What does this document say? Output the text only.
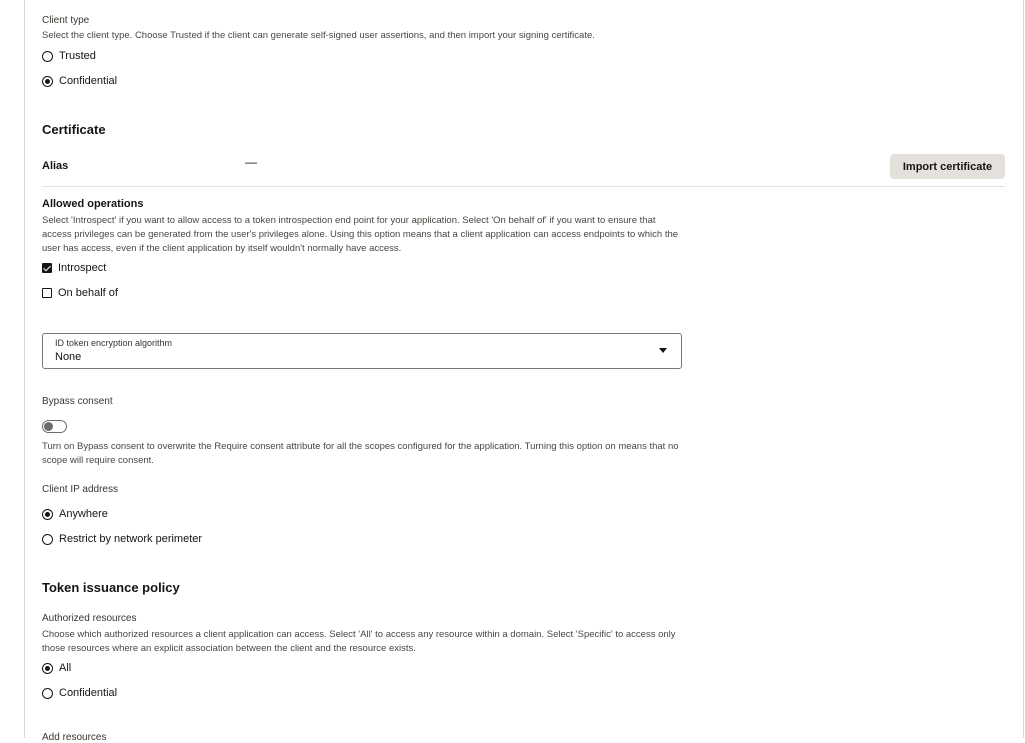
Client type
Select the client type. Choose Trusted if the client can generate self-signed user assertions, and then import your signing certificate.
Trusted
Confidential
Certificate
Alias	—	Import certificate
Allowed operations
Select 'Introspect' if you want to allow access to a token introspection end point for your application. Select 'On behalf of' if you want to ensure that access privileges can be generated from the user's privileges alone. Using this option means that a client application can access endpoints to which the user has access, even if the client application by itself wouldn't normally have access.
Introspect
On behalf of
ID token encryption algorithm
None
Bypass consent
Turn on Bypass consent to overwrite the Require consent attribute for all the scopes configured for the application. Turning this option on means that no scope will require consent.
Client IP address
Anywhere
Restrict by network perimeter
Token issuance policy
Authorized resources
Choose which authorized resources a client application can access. Select 'All' to access any resource within a domain. Select 'Specific' to access only those resources where an explicit association between the client and the resource exists.
All
Confidential
Add resources
